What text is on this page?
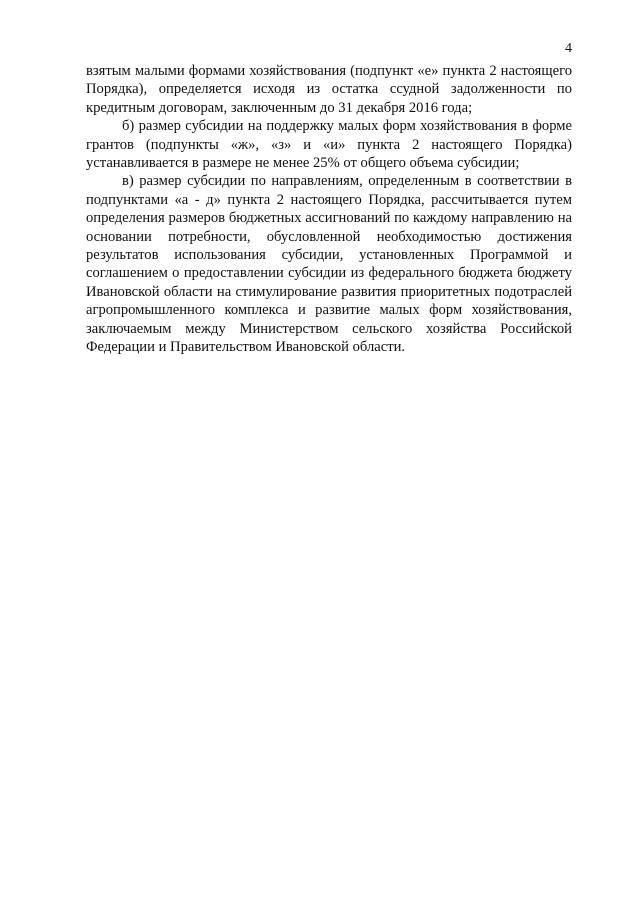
4

взятым малыми формами хозяйствования (подпункт «е» пункта 2 настоящего Порядка), определяется исходя из остатка ссудной задолженности по кредитным договорам, заключенным до 31 декабря 2016 года;

б) размер субсидии на поддержку малых форм хозяйствования в форме грантов (подпункты «ж», «з» и «и» пункта 2 настоящего Порядка) устанавливается в размере не менее 25% от общего объема субсидии;

в) размер субсидии по направлениям, определенным в соответствии в подпунктами «а - д» пункта 2 настоящего Порядка, рассчитывается путем определения размеров бюджетных ассигнований по каждому направлению на основании потребности, обусловленной необходимостью достижения результатов использования субсидии, установленных Программой и соглашением о предоставлении субсидии из федерального бюджета бюджету Ивановской области на стимулирование развития приоритетных подотраслей агропромышленного комплекса и развитие малых форм хозяйствования, заключаемым между Министерством сельского хозяйства Российской Федерации и Правительством Ивановской области.
